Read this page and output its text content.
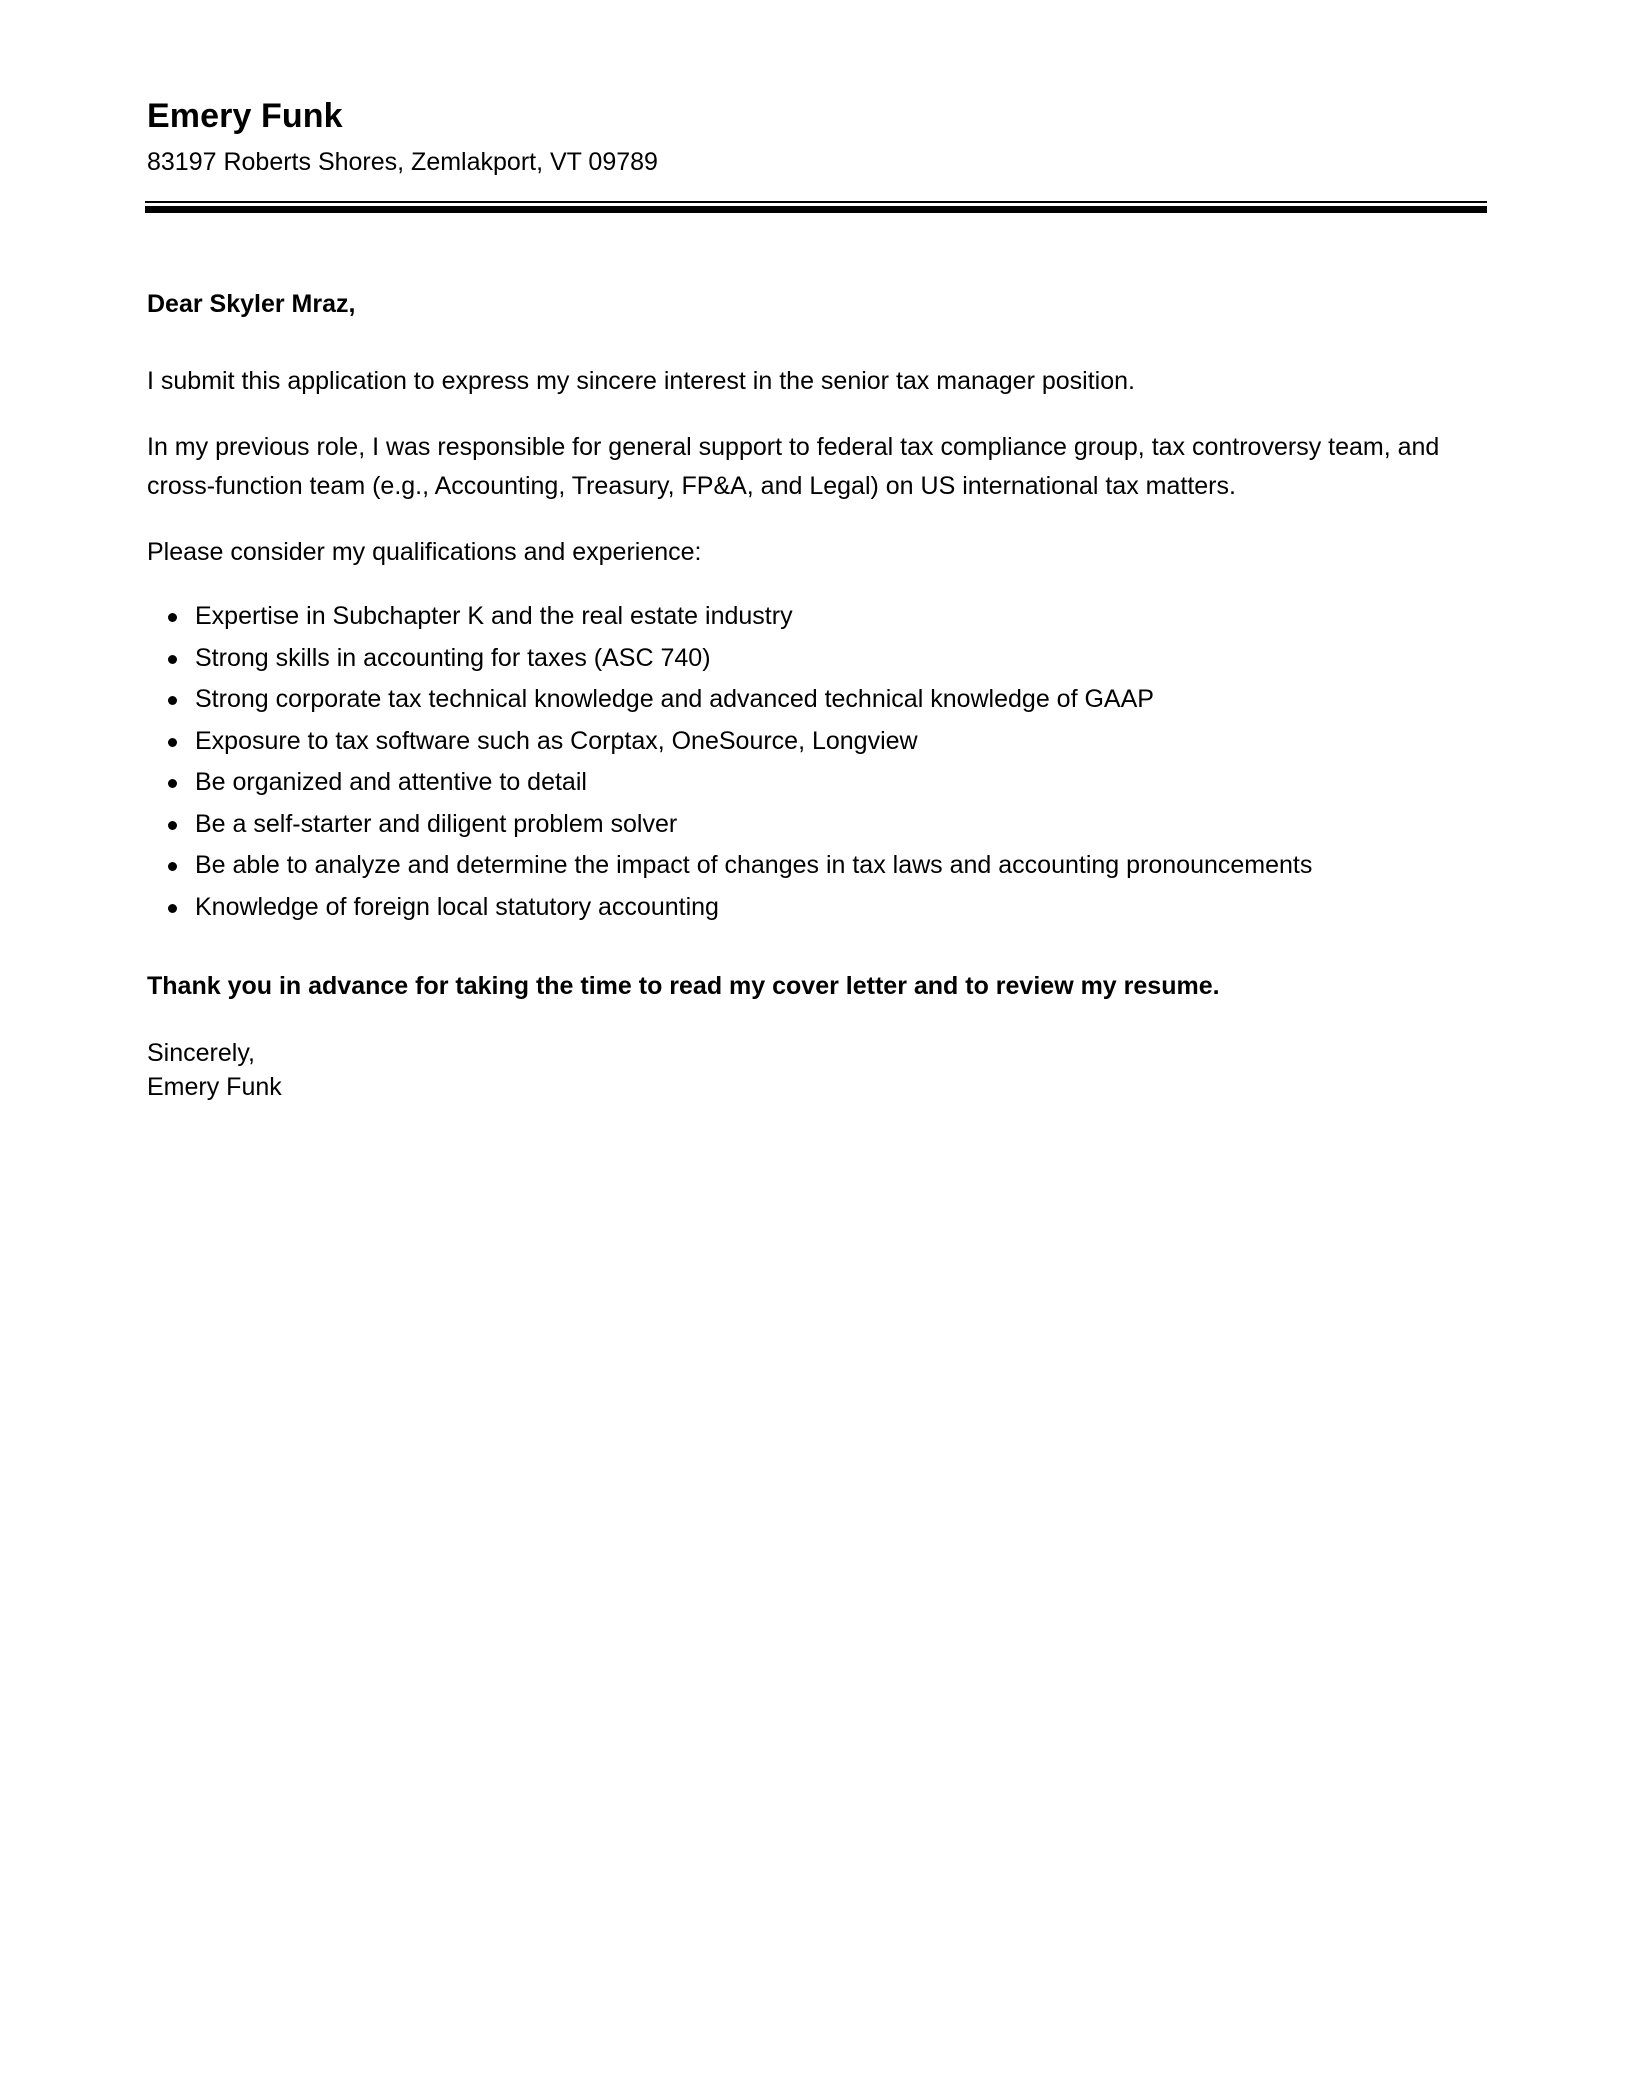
Emery Funk

83197 Roberts Shores, Zemlakport, VT 09789

Dear Skyler Mraz,

I submit this application to express my sincere interest in the senior tax manager position.

In my previous role, I was responsible for general support to federal tax compliance group, tax controversy team, and cross-function team (e.g., Accounting, Treasury, FP&A, and Legal) on US international tax matters.

Please consider my qualifications and experience:

Expertise in Subchapter K and the real estate industry
Strong skills in accounting for taxes (ASC 740)
Strong corporate tax technical knowledge and advanced technical knowledge of GAAP
Exposure to tax software such as Corptax, OneSource, Longview
Be organized and attentive to detail
Be a self-starter and diligent problem solver
Be able to analyze and determine the impact of changes in tax laws and accounting pronouncements
Knowledge of foreign local statutory accounting

Thank you in advance for taking the time to read my cover letter and to review my resume.

Sincerely,

Emery Funk
